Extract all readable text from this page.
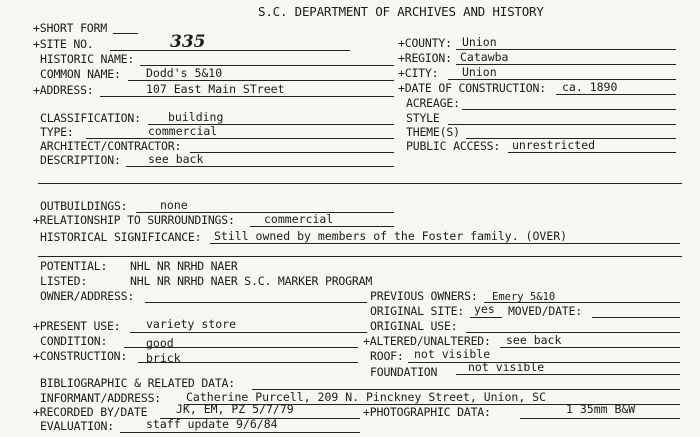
S.C. DEPARTMENT OF ARCHIVES AND HISTORY
+SHORT FORM
+SITE NO.	335
HISTORIC NAME:
COMMON NAME: Dodd's 5&10
+ADDRESS:	107 East Main STreet
+COUNTY: Union
+REGION: Catawba
+CITY: Union
+DATE OF CONSTRUCTION: ca. 1890
ACREAGE:
CLASSIFICATION: building
TYPE:	commercial
ARCHITECT/CONTRACTOR:
DESCRIPTION: see back
STYLE
THEME(S)
PUBLIC ACCESS: unrestricted
OUTBUILDINGS:	none
+RELATIONSHIP TO SURROUNDINGS:	commercial
HISTORICAL SIGNIFICANCE: Still owned by members of the Foster family. (OVER)
POTENTIAL: NHL NR NRHD NAER
LISTED:	NHL NR NRHD NAER S.C. MARKER PROGRAM
OWNER/ADDRESS:	PREVIOUS OWNERS: Emery 5&10
ORIGINAL SITE: yes MOVED/DATE:
+PRESENT USE: variety store	ORIGINAL USE:
CONDITION:	good	+ALTERED/UNALTERED: see back
+CONSTRUCTION: brick	ROOF: not visible
FOUNDATION	not visible
BIBLIOGRAPHIC & RELATED DATA:
INFORMANT/ADDRESS: Catherine Purcell, 209 N. Pinckney Street, Union, SC
+RECORDED BY/DATE JK, EM, PZ 5/7/79	+PHOTOGRAPHIC DATA:	1 35mm B&W
EVALUATION:	staff update 9/6/84
